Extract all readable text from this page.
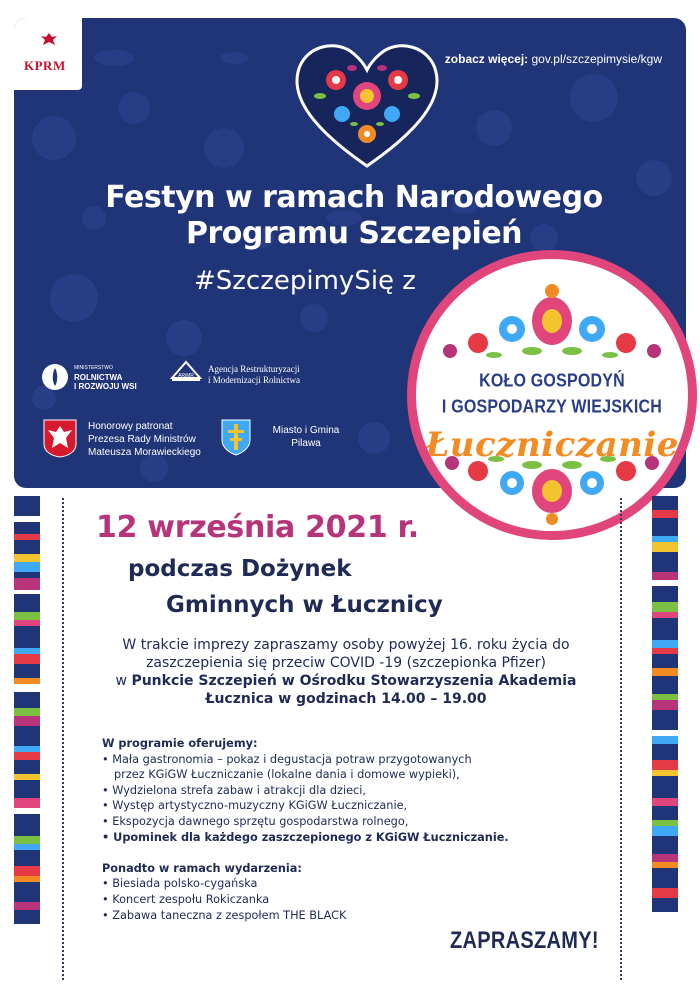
KPRM	zobacz więcej: gov.pl/szczepimysie/kgw
Festyn w ramach Narodowego
Programu Szczepień
#SzczepimySię z
MINISTERSTWO
ROLNICTWA
I ROZWOJU WSI
ARiMR
Agencja Restrukturyzacji
i Modernizacji Rolnictwa
Honorowy patronat
Prezesa Rady Ministrów
Mateusza Morawieckiego
Miasto i Gmina
Pilawa
KOŁO GOSPODYŃ
I GOSPODARZY WIEJSKICH
Łuczniczanie
12 września 2021 r.
podczas Dożynek
Gminnych w Łucznicy
W trakcie imprezy zapraszamy osoby powyżej 16. roku życia do
zaszczepienia się przeciw COVID -19 (szczepionka Pfizer)
w Punkcie Szczepień w Ośrodku Stowarzyszenia Akademia
Łucznica w godzinach 14.00 – 19.00
W programie oferujemy:
• Mała gastronomia – pokaz i degustacja potraw przygotowanych
przez KGiGW Łuczniczanie (lokalne dania i domowe wypieki),
• Wydzielona strefa zabaw i atrakcji dla dzieci,
• Występ artystyczno-muzyczny KGiGW Łuczniczanie,
• Ekspozycja dawnego sprzętu gospodarstwa rolnego,
• Upominek dla każdego zaszczepionego z KGiGW Łuczniczanie.
Ponadto w ramach wydarzenia:
• Biesiada polsko-cygańska
• Koncert zespołu Rokiczanka
• Zabawa taneczna z zespołem THE BLACK
ZAPRASZAMY!
